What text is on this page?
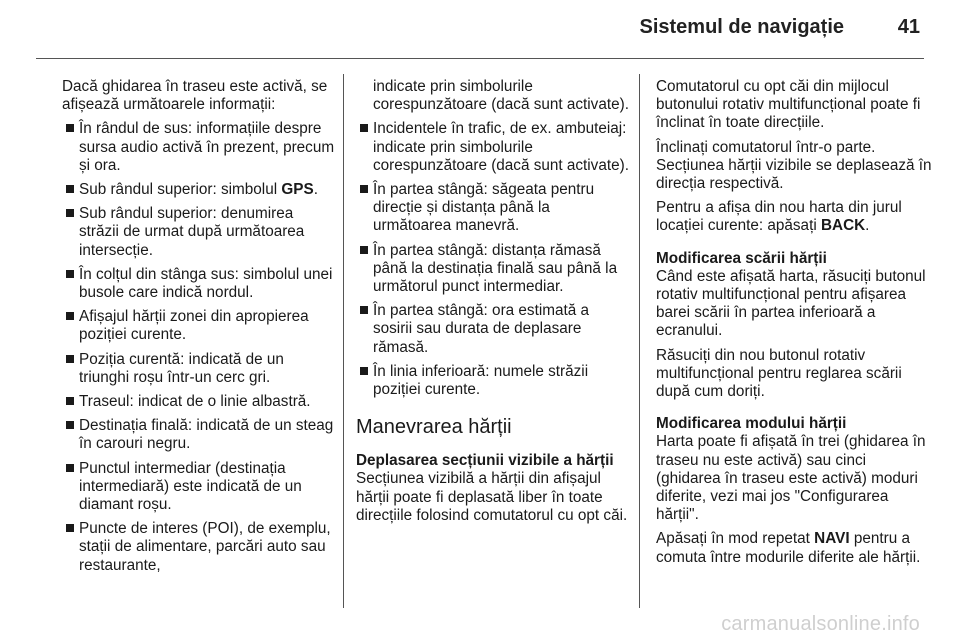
Sistemul de navigație	41

Dacă ghidarea în traseu este activă, se afișează următoarele informații:

În rândul de sus: informațiile despre sursa audio activă în prezent, precum și ora.
Sub rândul superior: simbolul GPS.
Sub rândul superior: denumirea străzii de urmat după următoarea intersecție.
În colțul din stânga sus: simbolul unei busole care indică nordul.
Afișajul hărții zonei din apropierea poziției curente.
Poziția curentă: indicată de un triunghi roșu într-un cerc gri.
Traseul: indicat de o linie albastră.
Destinația finală: indicată de un steag în carouri negru.
Punctul intermediar (destinația intermediară) este indicată de un diamant roșu.
Puncte de interes (POI), de exemplu, stații de alimentare, parcări auto sau restaurante,

indicate prin simbolurile corespunzătoare (dacă sunt activate).

Incidentele în trafic, de ex. ambuteiaj: indicate prin simbolurile corespunzătoare (dacă sunt activate).
În partea stângă: săgeata pentru direcție și distanța până la următoarea manevră.
În partea stângă: distanța rămasă până la destinația finală sau până la următorul punct intermediar.
În partea stângă: ora estimată a sosirii sau durata de deplasare rămasă.
În linia inferioară: numele străzii poziției curente.
Manevrarea hărții
Deplasarea secțiunii vizibile a hărții

Secțiunea vizibilă a hărții din afișajul hărții poate fi deplasată liber în toate direcțiile folosind comutatorul cu opt căi.

Comutatorul cu opt căi din mijlocul butonului rotativ multifuncțional poate fi înclinat în toate direcțiile.

Înclinați comutatorul într-o parte. Secțiunea hărții vizibile se deplasează în direcția respectivă.

Pentru a afișa din nou harta din jurul locației curente: apăsați BACK.

Modificarea scării hărții

Când este afișată harta, răsuciți butonul rotativ multifuncțional pentru afișarea barei scării în partea inferioară a ecranului.

Răsuciți din nou butonul rotativ multifuncțional pentru reglarea scării după cum doriți.

Modificarea modului hărții

Harta poate fi afișată în trei (ghidarea în traseu nu este activă) sau cinci (ghidarea în traseu este activă) moduri diferite, vezi mai jos "Configurarea hărții".

Apăsați în mod repetat NAVI pentru a comuta între modurile diferite ale hărții.

carmanualsonline.info
